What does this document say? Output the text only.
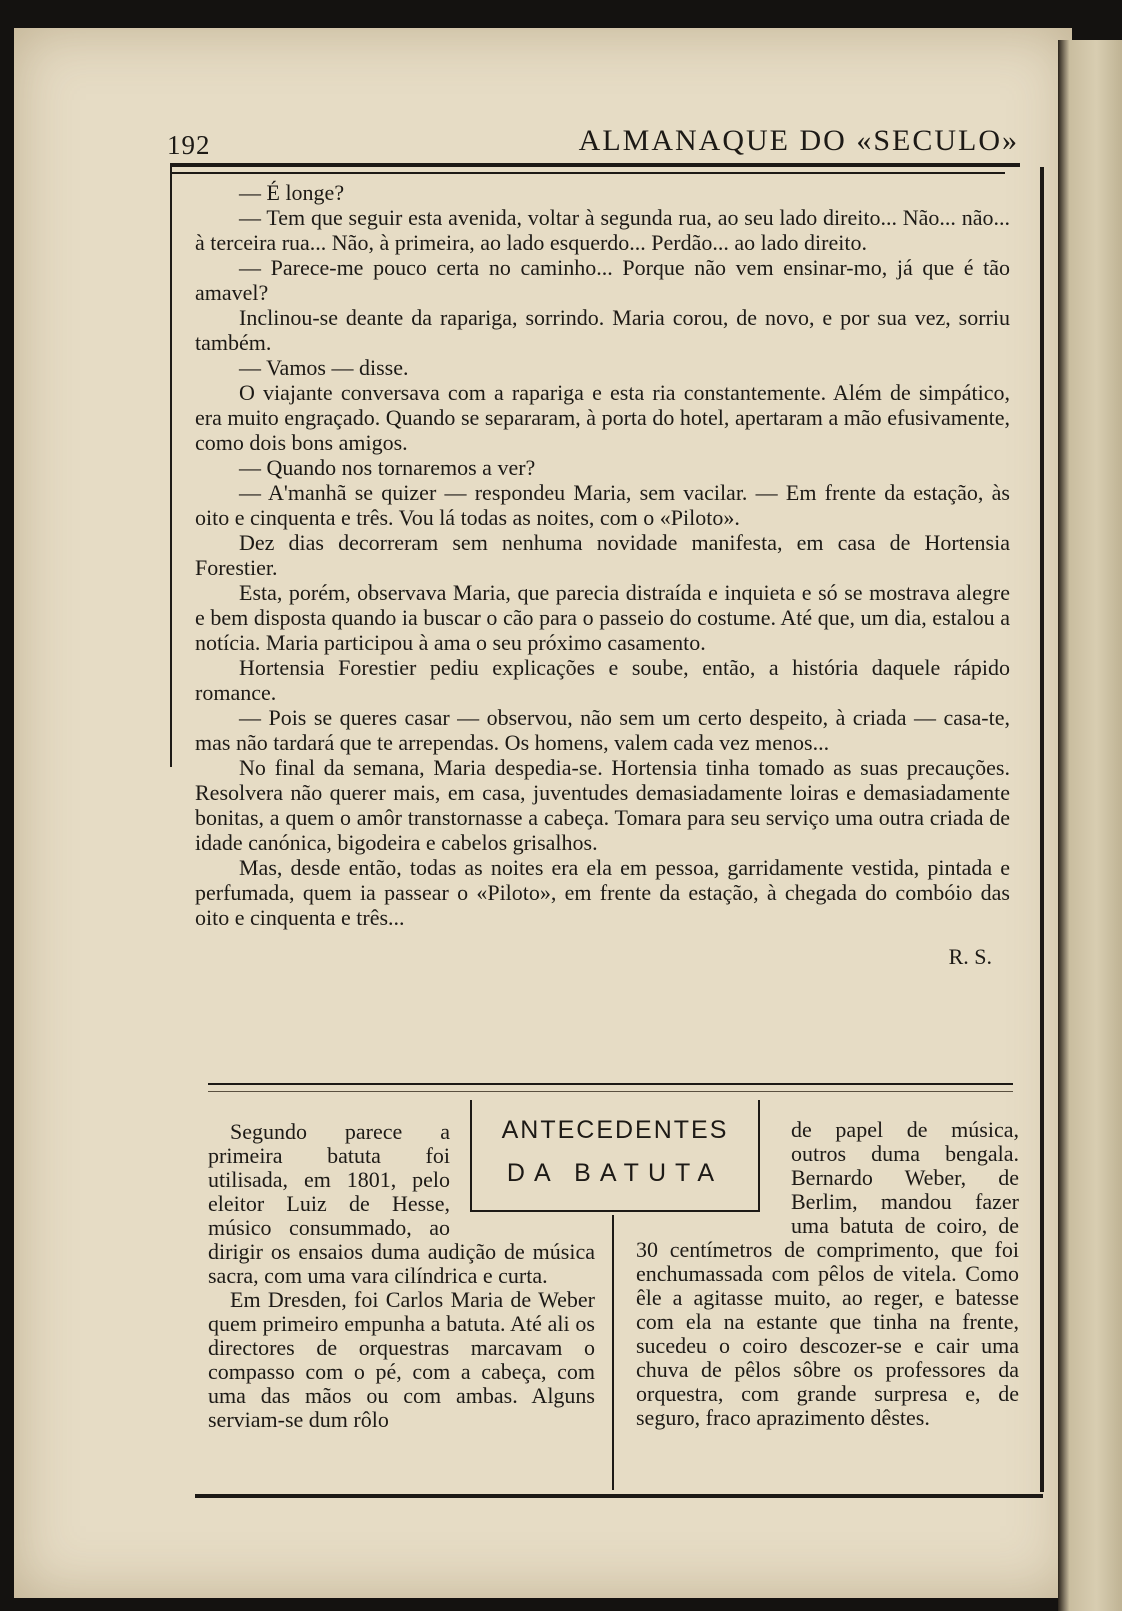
192	ALMANAQUE DO «SECULO»

— É longe?

— Tem que seguir esta avenida, voltar à segunda rua, ao seu lado direito... Não... não... à terceira rua... Não, à primeira, ao lado esquerdo... Perdão... ao lado direito.

— Parece-me pouco certa no caminho... Porque não vem ensinar-mo, já que é tão amavel?

Inclinou-se deante da rapariga, sorrindo. Maria corou, de novo, e por sua vez, sorriu também.

— Vamos — disse.

O viajante conversava com a rapariga e esta ria constantemente. Além de simpático, era muito engraçado. Quando se separaram, à porta do hotel, apertaram a mão efusivamente, como dois bons amigos.

— Quando nos tornaremos a ver?

— A'manhã se quizer — respondeu Maria, sem vacilar. — Em frente da estação, às oito e cinquenta e três. Vou lá todas as noites, com o «Piloto».

Dez dias decorreram sem nenhuma novidade manifesta, em casa de Hortensia Forestier.

Esta, porém, observava Maria, que parecia distraída e inquieta e só se mostrava alegre e bem disposta quando ia buscar o cão para o passeio do costume. Até que, um dia, estalou a notícia. Maria participou à ama o seu próximo casamento.

Hortensia Forestier pediu explicações e soube, então, a história daquele rápido romance.

— Pois se queres casar — observou, não sem um certo despeito, à criada — casa-te, mas não tardará que te arrependas. Os homens, valem cada vez menos...

No final da semana, Maria despedia-se. Hortensia tinha tomado as suas precauções. Resolvera não querer mais, em casa, juventudes demasiadamente loiras e demasiadamente bonitas, a quem o amôr transtornasse a cabeça. Tomara para seu serviço uma outra criada de idade canónica, bigodeira e cabelos grisalhos.

Mas, desde então, todas as noites era ela em pessoa, garridamente vestida, pintada e perfumada, quem ia passear o «Piloto», em frente da estação, à chegada do combóio das oito e cinquenta e três...

R. S.

ANTECEDENTES
DA BATUTA

Segundo parece a primeira batuta foi utilisada, em 1801, pelo eleitor Luiz de Hesse, músico consummado, ao dirigir os ensaios duma audição de música sacra, com uma vara cilíndrica e curta.

Em Dresden, foi Carlos Maria de Weber quem primeiro empunha a batuta. Até ali os directores de orquestras marcavam o compasso com o pé, com a cabeça, com uma das mãos ou com ambas. Alguns serviam-se dum rôlo

de papel de música, outros duma bengala. Bernardo Weber, de Berlim, mandou fazer uma batuta de coiro, de 30 centímetros de comprimento, que foi enchumassada com pêlos de vitela. Como êle a agitasse muito, ao reger, e batesse com ela na estante que tinha na frente, sucedeu o coiro descozer-se e cair uma chuva de pêlos sôbre os professores da orquestra, com grande surpresa e, de seguro, fraco aprazimento dêstes.
